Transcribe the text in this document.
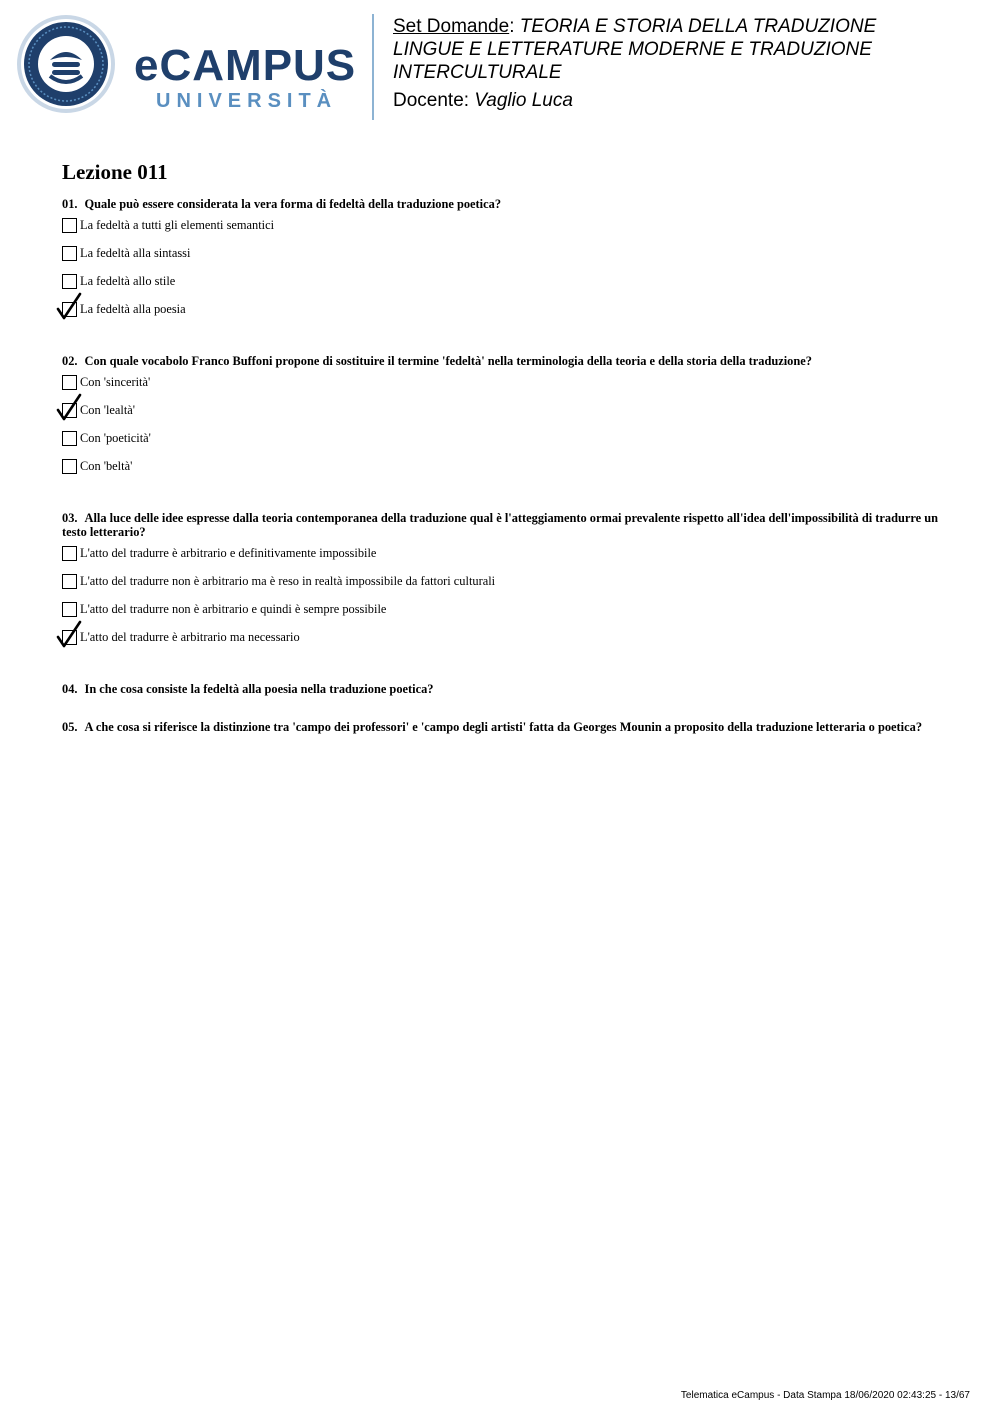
eCAMPUS
UNIVERSITÀ
Set Domande: TEORIA E STORIA DELLA TRADUZIONE
LINGUE E LETTERATURE MODERNE E TRADUZIONE
INTERCULTURALE
Docente: Vaglio Luca
Lezione 011
01. Quale può essere considerata la vera forma di fedeltà della traduzione poetica?
La fedeltà a tutti gli elementi semantici
La fedeltà alla sintassi
La fedeltà allo stile
La fedeltà alla poesia
02. Con quale vocabolo Franco Buffoni propone di sostituire il termine 'fedeltà' nella terminologia della teoria e della storia della traduzione?
Con 'sincerità'
Con 'lealtà'
Con 'poeticità'
Con 'beltà'
03. Alla luce delle idee espresse dalla teoria contemporanea della traduzione qual è l'atteggiamento ormai prevalente rispetto all'idea dell'impossibilità di tradurre un testo letterario?
L'atto del tradurre è arbitrario e definitivamente impossibile
L'atto del tradurre non è arbitrario ma è reso in realtà impossibile da fattori culturali
L'atto del tradurre non è arbitrario e quindi è sempre possibile
L'atto del tradurre è arbitrario ma necessario
04. In che cosa consiste la fedeltà alla poesia nella traduzione poetica?
05. A che cosa si riferisce la distinzione tra 'campo dei professori' e 'campo degli artisti' fatta da Georges Mounin a proposito della traduzione letteraria o poetica?
Telematica eCampus - Data Stampa 18/06/2020 02:43:25 - 13/67
